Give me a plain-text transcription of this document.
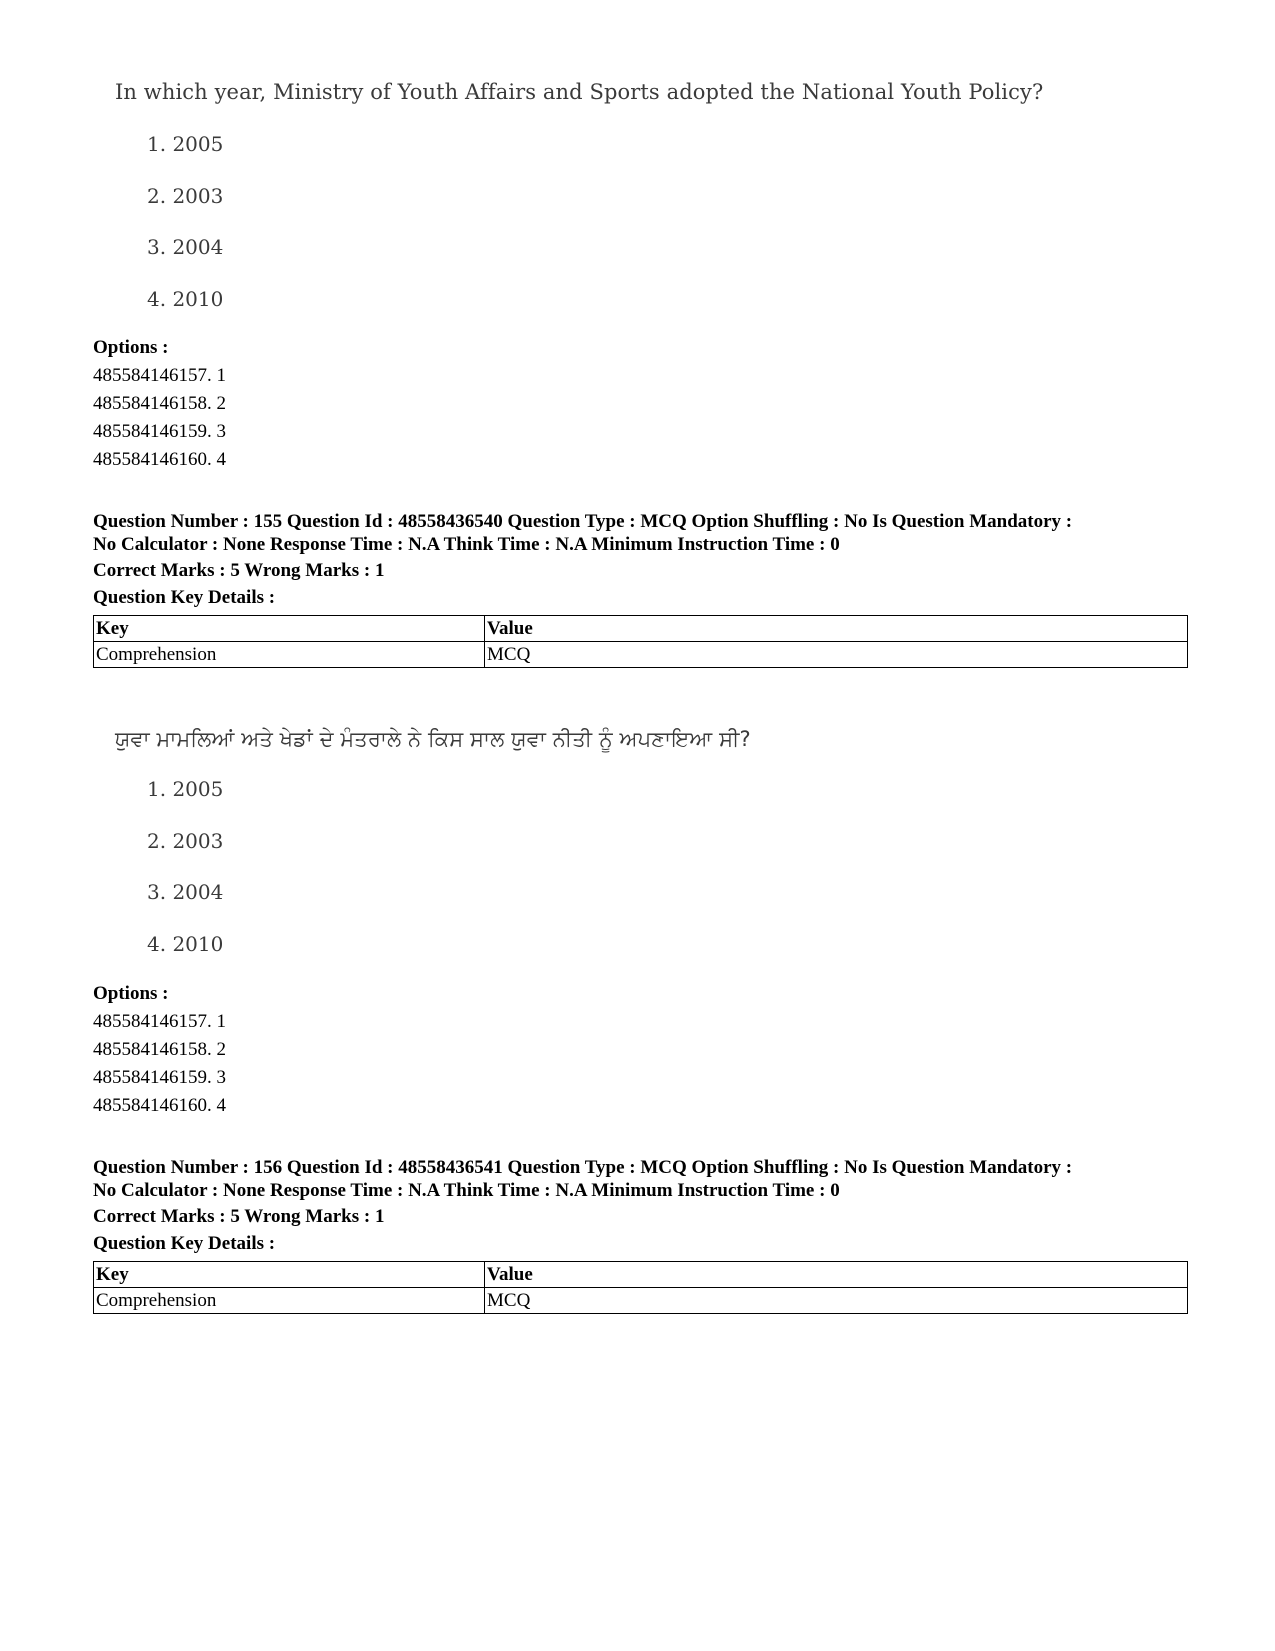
In which year, Ministry of Youth Affairs and Sports adopted the National Youth Policy?
1. 2005
2. 2003
3. 2004
4. 2010
Options :
485584146157. 1
485584146158. 2
485584146159. 3
485584146160. 4
Question Number : 155 Question Id : 48558436540 Question Type : MCQ Option Shuffling : No Is Question Mandatory :
No Calculator : None Response Time : N.A Think Time : N.A Minimum Instruction Time : 0
Correct Marks : 5 Wrong Marks : 1
Question Key Details :
Key	Value
Comprehension	MCQ
ਯੁਵਾ ਮਾਮਲਿਆਂ ਅਤੇ ਖੇਡਾਂ ਦੇ ਮੰਤਰਾਲੇ ਨੇ ਕਿਸ ਸਾਲ ਯੁਵਾ ਨੀਤੀ ਨੂੰ ਅਪਣਾਇਆ ਸੀ?
1. 2005
2. 2003
3. 2004
4. 2010
Options :
485584146157. 1
485584146158. 2
485584146159. 3
485584146160. 4
Question Number : 156 Question Id : 48558436541 Question Type : MCQ Option Shuffling : No Is Question Mandatory :
No Calculator : None Response Time : N.A Think Time : N.A Minimum Instruction Time : 0
Correct Marks : 5 Wrong Marks : 1
Question Key Details :
Key	Value
Comprehension	MCQ
